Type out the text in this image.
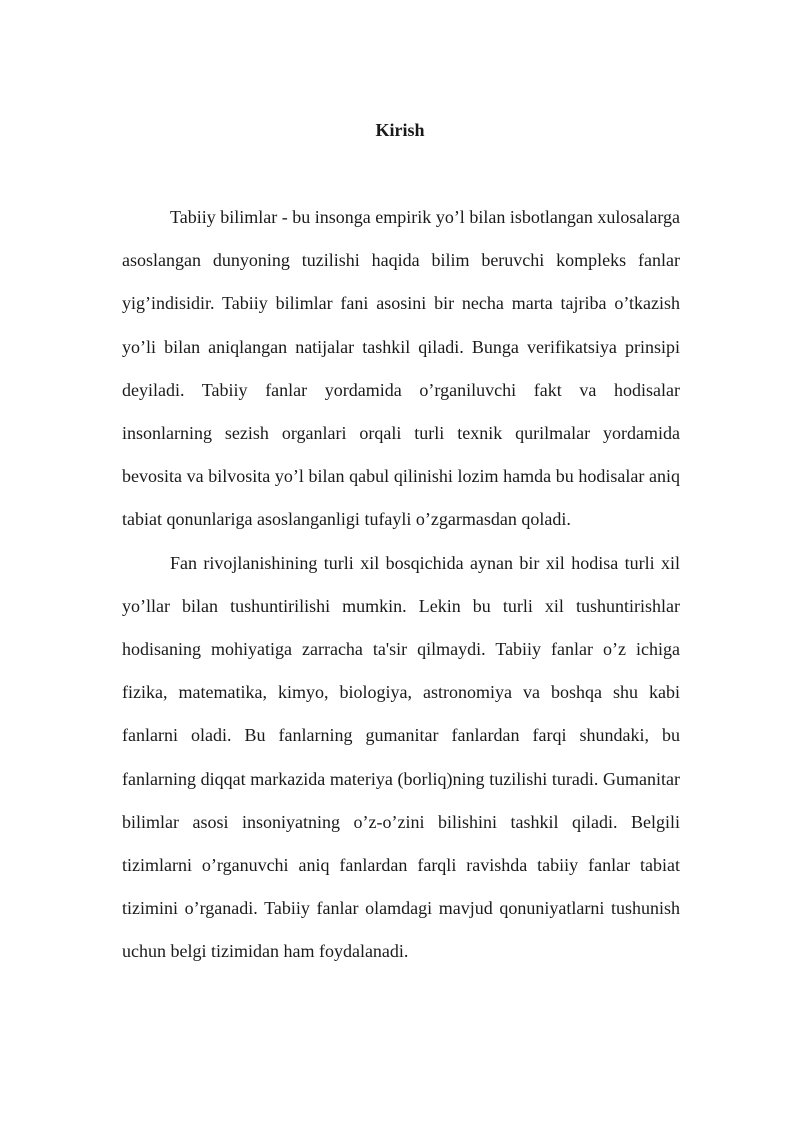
Kirish

Tabiiy bilimlar - bu insonga empirik yo’l bilan isbotlangan xulosalarga asoslangan dunyoning tuzilishi haqida bilim beruvchi kompleks fanlar yig’indisidir. Tabiiy bilimlar fani asosini bir necha marta tajriba o’tkazish yo’li bilan aniqlangan natijalar tashkil qiladi. Bunga verifikatsiya prinsipi deyiladi. Tabiiy fanlar yordamida o’rganiluvchi fakt va hodisalar insonlarning sezish organlari orqali turli texnik qurilmalar yordamida bevosita va bilvosita yo’l bilan qabul qilinishi lozim hamda bu hodisalar aniq tabiat qonunlariga asoslanganligi tufayli o’zgarmasdan qoladi.

Fan rivojlanishining turli xil bosqichida aynan bir xil hodisa turli xil yo’llar bilan tushuntirilishi mumkin. Lekin bu turli xil tushuntirishlar hodisaning mohiyatiga zarracha ta'sir qilmaydi. Tabiiy fanlar o’z ichiga fizika, matematika, kimyo, biologiya, astronomiya va boshqa shu kabi fanlarni oladi. Bu fanlarning gumanitar fanlardan farqi shundaki, bu fanlarning diqqat markazida materiya (borliq)ning tuzilishi turadi. Gumanitar bilimlar asosi insoniyatning o’z-o’zini bilishini tashkil qiladi. Belgili tizimlarni o’rganuvchi aniq fanlardan farqli ravishda tabiiy fanlar tabiat tizimini o’rganadi. Tabiiy fanlar olamdagi mavjud qonuniyatlarni tushunish uchun belgi tizimidan ham foydalanadi.
